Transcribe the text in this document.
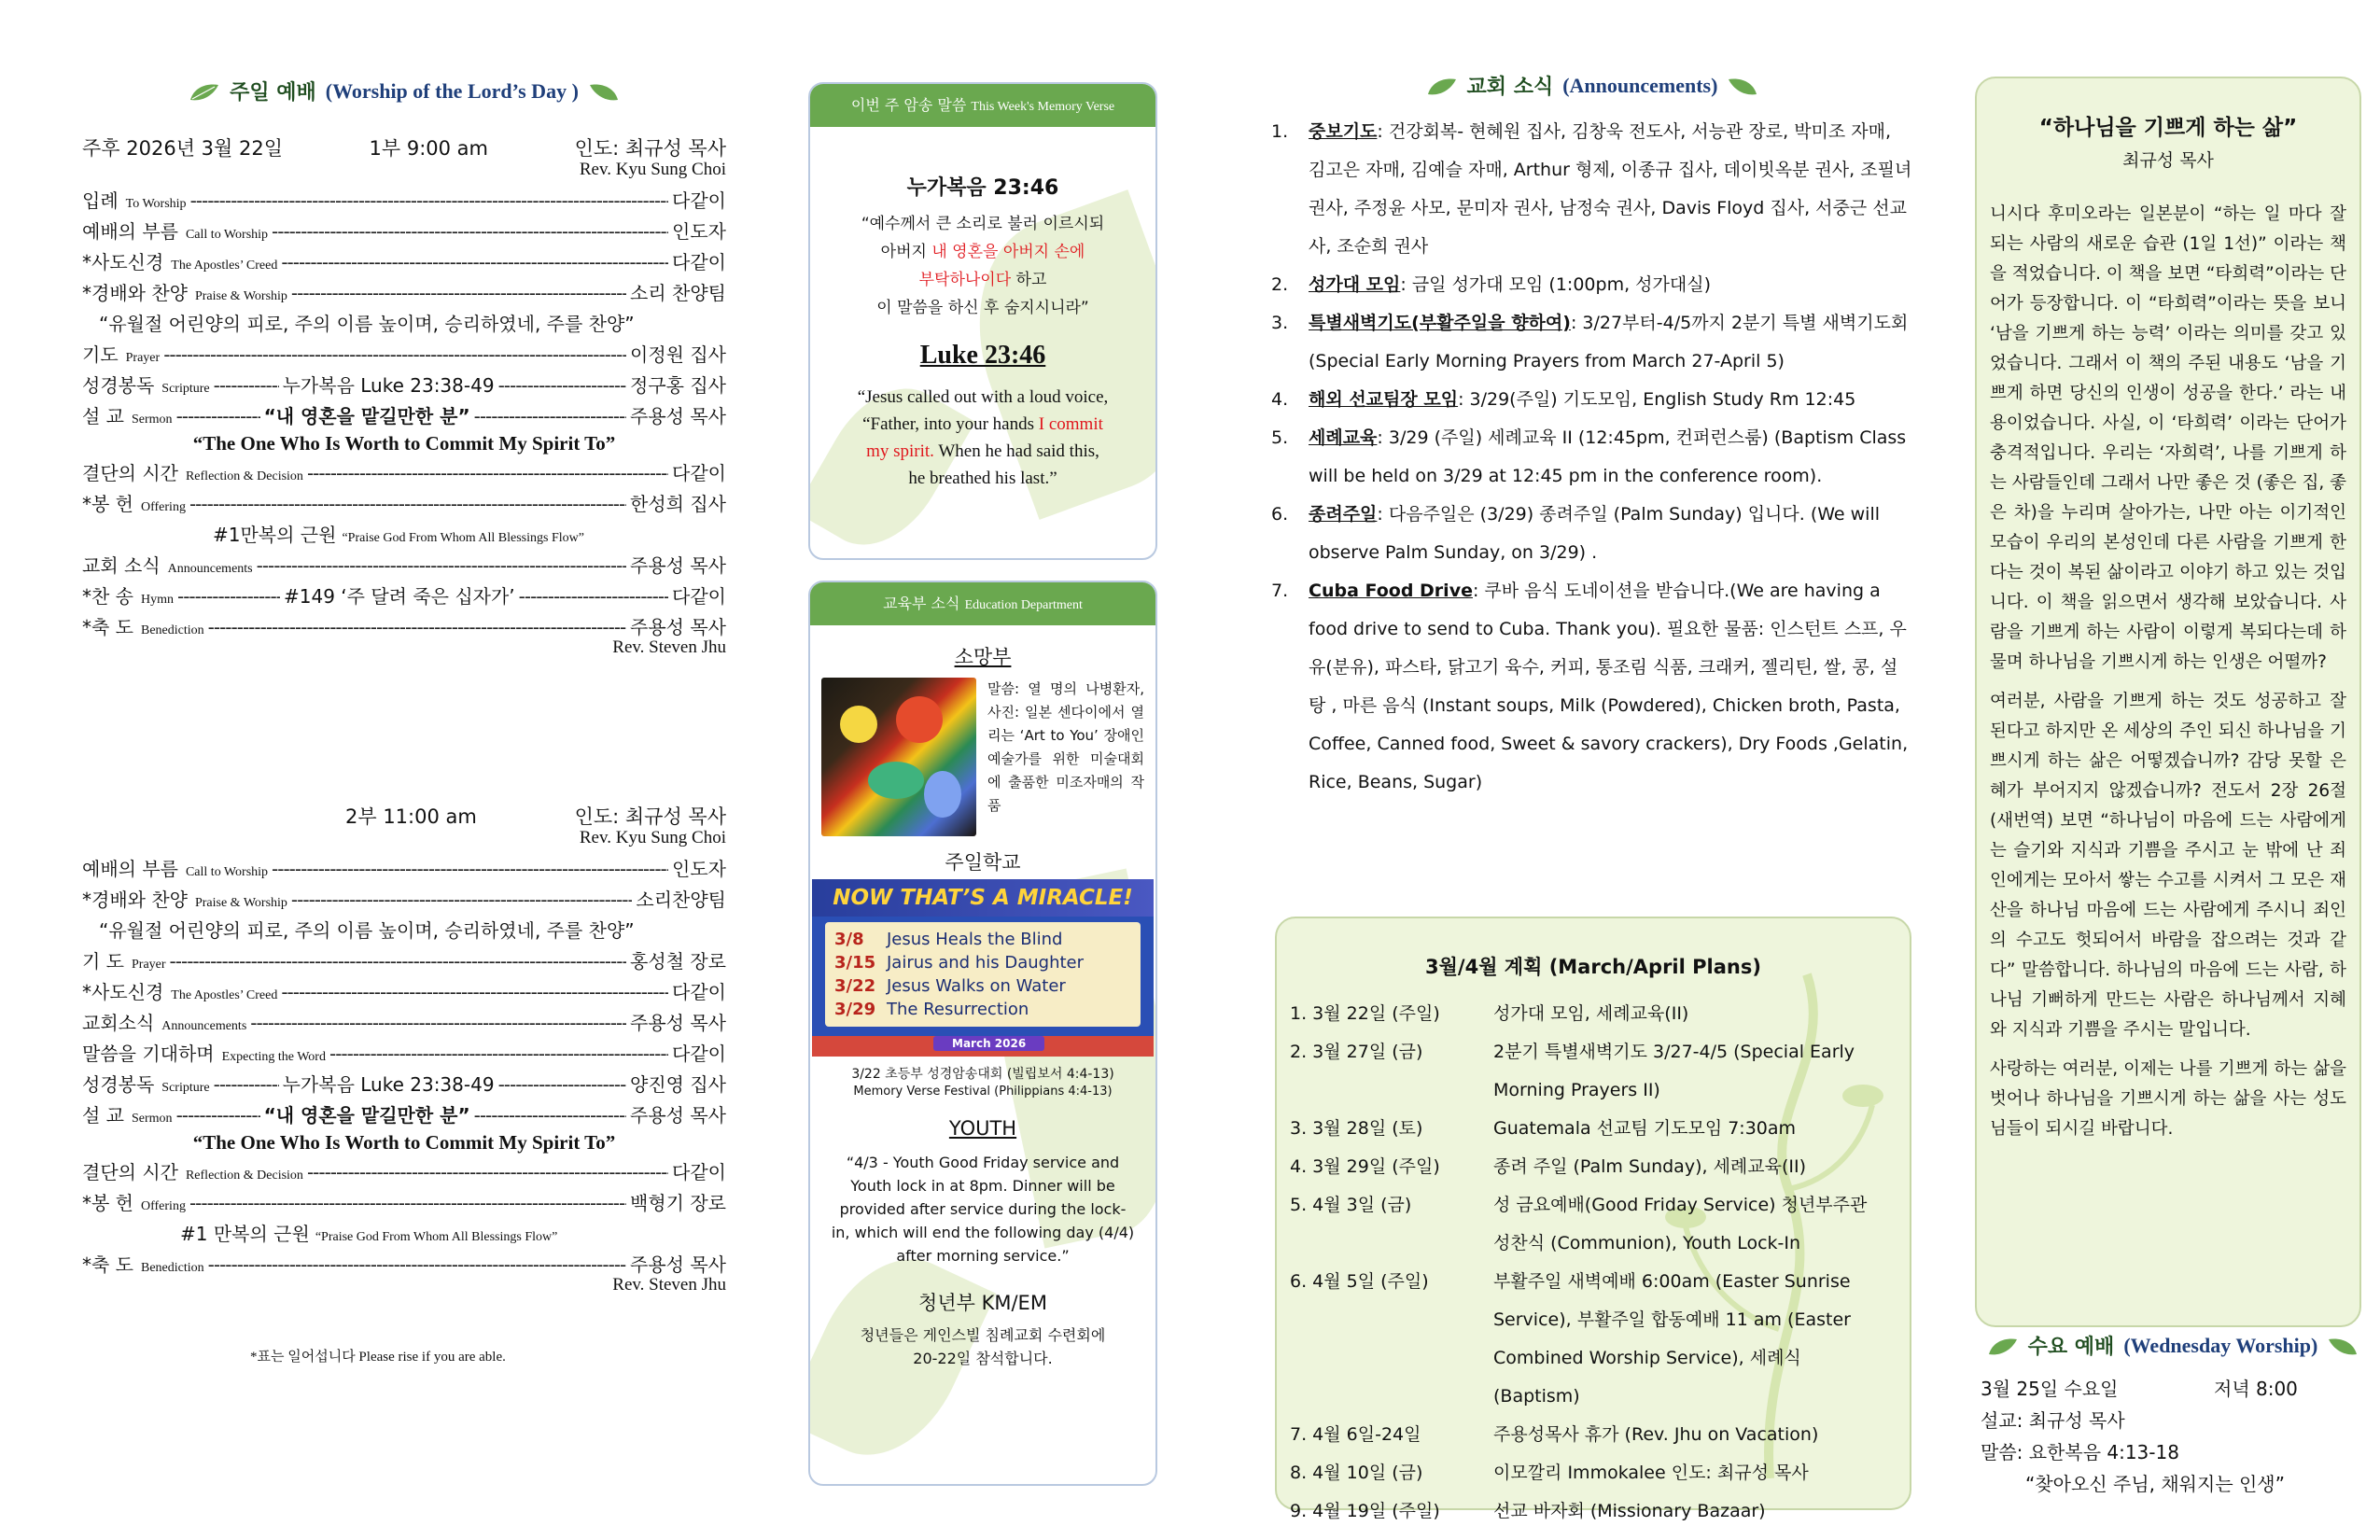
주일 예배 (Worship of the Lord’s Day )
주후 2026년 3월 22일	1부 9:00 am	인도: 최규성 목사
Rev. Kyu Sung Choi
입례 To Worship -----	다같이
예배의 부름 Call to Worship -----	인도자
*사도신경 The Apostles’ Creed -----	다같이
*경배와 찬양 Praise & Worship -----	소리 찬양팀
“유월절 어린양의 피로, 주의 이름 높이며, 승리하였네, 주를 찬양”
기도 Prayer -----	이정원 집사
성경봉독 Scripture -----	누가복음 Luke 23:38-49 -----	정구홍 집사
설 교 Sermon -----	“내 영혼을 맡길만한 분” -----	주용성 목사
“The One Who Is Worth to Commit My Spirit To”
결단의 시간 Reflection & Decision -----	다같이
*봉 헌 Offering -----	한성희 집사
#1만복의 근원 “Praise God From Whom All Blessings Flow”
교회 소식 Announcements -----	주용성 목사
*찬 송 Hymn -----	#149 ‘주 달려 죽은 십자가’ -----	다같이
*축 도 Benediction -----	주용성 목사
Rev. Steven Jhu
2부 11:00 am	인도: 최규성 목사
Rev. Kyu Sung Choi
예배의 부름 Call to Worship -----	인도자
*경배와 찬양 Praise & Worship -----	소리찬양팀
“유월절 어린양의 피로, 주의 이름 높이며, 승리하였네, 주를 찬양”
기 도 Prayer -----	홍성철 장로
*사도신경 The Apostles’ Creed -----	다같이
교회소식 Announcements -----	주용성 목사
말씀을 기대하며 Expecting the Word -----	다같이
성경봉독 Scripture -----	누가복음 Luke 23:38-49 -----	양진영 집사
설 교 Sermon -----	“내 영혼을 맡길만한 분” -----	주용성 목사
“The One Who Is Worth to Commit My Spirit To”
결단의 시간 Reflection & Decision -----	다같이
*봉 헌 Offering -----	백형기 장로
#1 만복의 근원 “Praise God From Whom All Blessings Flow”
*축 도 Benediction -----	주용성 목사
Rev. Steven Jhu
*표는 일어섭니다 Please rise if you are able.
이번 주 암송 말씀 This Week's Memory Verse
누가복음 23:46
“예수께서 큰 소리로 불러 이르시되
아버지 내 영혼을 아버지 손에
부탁하나이다 하고
이 말씀을 하신 후 숨지시니라”
Luke 23:46
“Jesus called out with a loud voice,
“Father, into your hands I commit
my spirit. When he had said this,
he breathed his last.”
교육부 소식 Education Department
소망부
말씀: 열 명의 나병환자, 사진: 일본 센다이에서 열리는 ‘Art to You’ 장애인 예술가를 위한 미술대회에 출품한 미조자매의 작품
주일학교
NOW THAT’S A MIRACLE!
3/8 Jesus Heals the Blind
3/15 Jairus and his Daughter
3/22 Jesus Walks on Water
3/29 The Resurrection
March 2026
3/22 초등부 성경암송대회 (빌립보서 4:4-13)
Memory Verse Festival (Philippians 4:4-13)
YOUTH
“4/3 - Youth Good Friday service and Youth lock in at 8pm. Dinner will be provided after service during the lock-in, which will end the following day (4/4) after morning service.”
청년부 KM/EM
청년들은 게인스빌 침례교회 수련회에 20-22일 참석합니다.
교회 소식 (Announcements)
1. 중보기도: 건강회복- 현혜원 집사, 김창욱 전도사, 서능관 장로, 박미조 자매, 김고은 자매, 김예슬 자매, Arthur 형제, 이종규 집사, 데이빗옥분 권사, 조필녀 권사, 주정윤 사모, 문미자 권사, 남정숙 권사, Davis Floyd 집사, 서중근 선교사, 조순희 권사
2. 성가대 모임: 금일 성가대 모임 (1:00pm, 성가대실)
3. 특별새벽기도(부활주일을 향하여): 3/27부터-4/5까지 2분기 특별 새벽기도회 (Special Early Morning Prayers from March 27-April 5)
4. 해외 선교팀장 모임: 3/29(주일) 기도모임, English Study Rm 12:45
5. 세례교육: 3/29 (주일) 세례교육 II (12:45pm, 컨퍼런스룸) (Baptism Class will be held on 3/29 at 12:45 pm in the conference room).
6. 종려주일: 다음주일은 (3/29) 종려주일 (Palm Sunday) 입니다. (We will observe Palm Sunday, on 3/29) .
7. Cuba Food Drive: 쿠바 음식 도네이션을 받습니다.(We are having a food drive to send to Cuba. Thank you). 필요한 물품: 인스턴트 스프, 우유(분유), 파스타, 닭고기 육수, 커피, 통조림 식품, 크래커, 젤리틴, 쌀, 콩, 설탕 , 마른 음식 (Instant soups, Milk (Powdered), Chicken broth, Pasta, Coffee, Canned food, Sweet & savory crackers), Dry Foods ,Gelatin, Rice, Beans, Sugar)
3월/4월 계획 (March/April Plans)
1. 3월 22일 (주일)	성가대 모임, 세례교육(II)
2. 3월 27일 (금)	2분기 특별새벽기도 3/27-4/5 (Special Early Morning Prayers II)
3. 3월 28일 (토)	Guatemala 선교팀 기도모임 7:30am
4. 3월 29일 (주일)	종려 주일 (Palm Sunday), 세례교육(II)
5. 4월 3일 (금)	성 금요예배(Good Friday Service) 청년부주관 성찬식 (Communion), Youth Lock-In
6. 4월 5일 (주일)	부활주일 새벽예배 6:00am (Easter Sunrise Service), 부활주일 합동예배 11 am (Easter Combined Worship Service), 세례식(Baptism)
7. 4월 6일-24일	주용성목사 휴가 (Rev. Jhu on Vacation)
8. 4월 10일 (금)	이모깔리 Immokalee 인도: 최규성 목사
9. 4월 19일 (주일)	선교 바자회 (Missionary Bazaar)
“하나님을 기쁘게 하는 삶”
최규성 목사

니시다 후미오라는 일본분이 “하는 일 마다 잘되는 사람의 새로운 습관 (1일 1선)” 이라는 책을 적었습니다. 이 책을 보면 “타희력”이라는 단어가 등장합니다. 이 “타희력”이라는 뜻을 보니 ‘남을 기쁘게 하는 능력’ 이라는 의미를 갖고 있었습니다. 그래서 이 책의 주된 내용도 ‘남을 기쁘게 하면 당신의 인생이 성공을 한다.’ 라는 내용이었습니다. 사실, 이 ‘타희력’ 이라는 단어가 충격적입니다. 우리는 ‘자희력’, 나를 기쁘게 하는 사람들인데 그래서 나만 좋은 것 (좋은 집, 좋은 차)을 누리며 살아가는, 나만 아는 이기적인 모습이 우리의 본성인데 다른 사람을 기쁘게 한다는 것이 복된 삶이라고 이야기 하고 있는 것입니다. 이 책을 읽으면서 생각해 보았습니다. 사람을 기쁘게 하는 사람이 이렇게 복되다는데 하물며 하나님을 기쁘시게 하는 인생은 어떨까?

여러분, 사람을 기쁘게 하는 것도 성공하고 잘 된다고 하지만 온 세상의 주인 되신 하나님을 기쁘시게 하는 삶은 어떻겠습니까? 감당 못할 은혜가 부어지지 않겠습니까? 전도서 2장 26절(새번역) 보면 “하나님이 마음에 드는 사람에게는 슬기와 지식과 기쁨을 주시고 눈 밖에 난 죄인에게는 모아서 쌓는 수고를 시켜서 그 모은 재산을 하나님 마음에 드는 사람에게 주시니 죄인의 수고도 헛되어서 바람을 잡으려는 것과 같다” 말씀합니다. 하나님의 마음에 드는 사람, 하나님 기뻐하게 만드는 사람은 하나님께서 지혜와 지식과 기쁨을 주시는 말입니다.

사랑하는 여러분, 이제는 나를 기쁘게 하는 삶을 벗어나 하나님을 기쁘시게 하는 삶을 사는 성도님들이 되시길 바랍니다.

수요 예배 (Wednesday Worship)
3월 25일 수요일	저녁 8:00
설교: 최규성 목사
말씀: 요한복음 4:13-18
“찾아오신 주님, 채워지는 인생”
